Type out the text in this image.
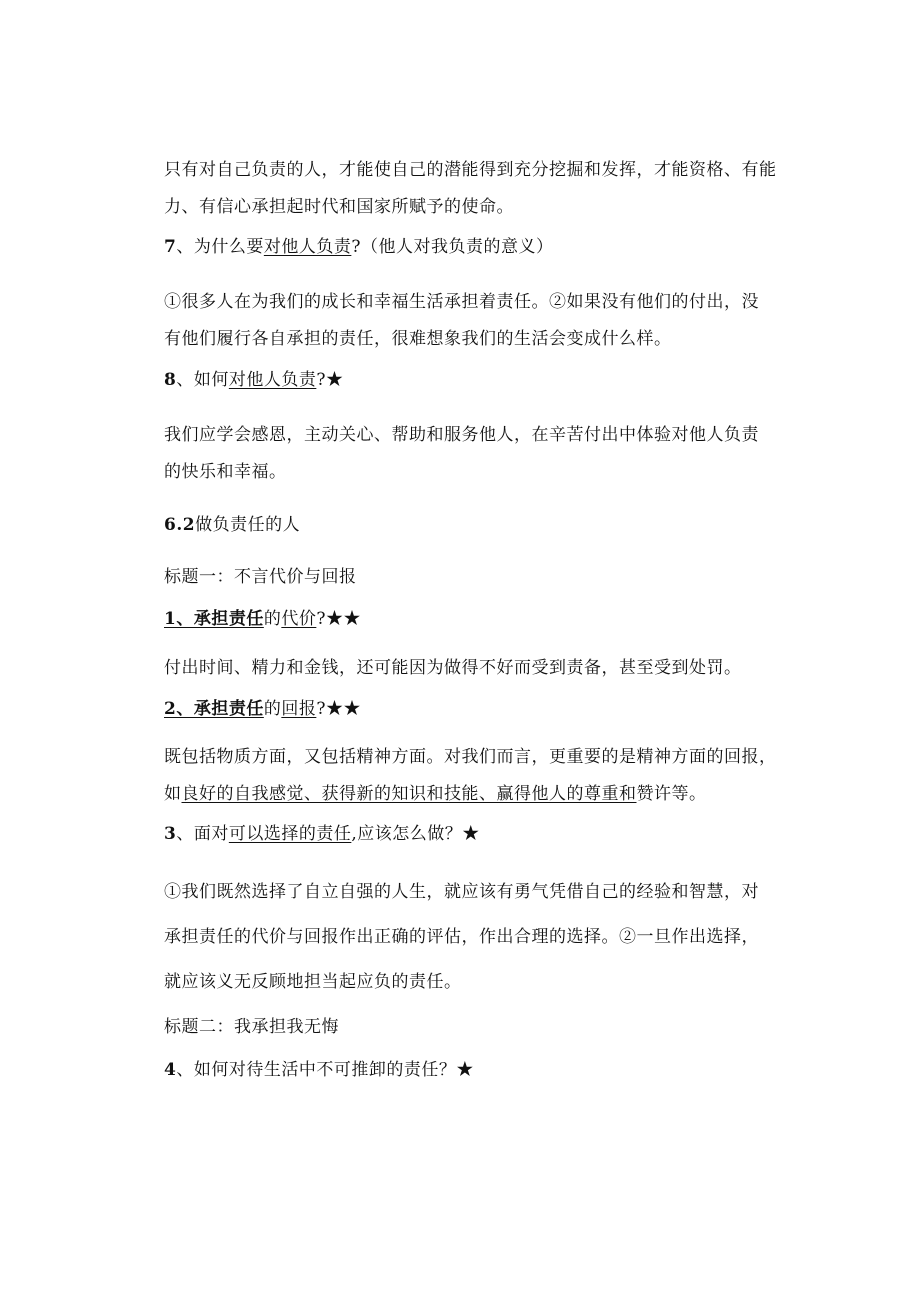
只有对自己负责的人，才能使自己的潜能得到充分挖掘和发挥，才能资格、有能
力、有信心承担起时代和国家所赋予的使命。
7、为什么要对他人负责?（他人对我负责的意义）
①很多人在为我们的成长和幸福生活承担着责任。②如果没有他们的付出，没
有他们履行各自承担的责任，很难想象我们的生活会变成什么样。
8、如何对他人负责?★
我们应学会感恩，主动关心、帮助和服务他人，在辛苦付出中体验对他人负责
的快乐和幸福。
6.2做负责任的人
标题一：不言代价与回报
1、承担责任的代价?★★
付出时间、精力和金钱，还可能因为做得不好而受到责备，甚至受到处罚。
2、承担责任的回报?★★
既包括物质方面，又包括精神方面。对我们而言，更重要的是精神方面的回报，
如良好的自我感觉、获得新的知识和技能、赢得他人的尊重和赞许等。
3、面对可以选择的责任,应该怎么做？★
①我们既然选择了自立自强的人生，就应该有勇气凭借自己的经验和智慧，对
承担责任的代价与回报作出正确的评估，作出合理的选择。②一旦作出选择，
就应该义无反顾地担当起应负的责任。
标题二：我承担我无悔
4、如何对待生活中不可推卸的责任？★
